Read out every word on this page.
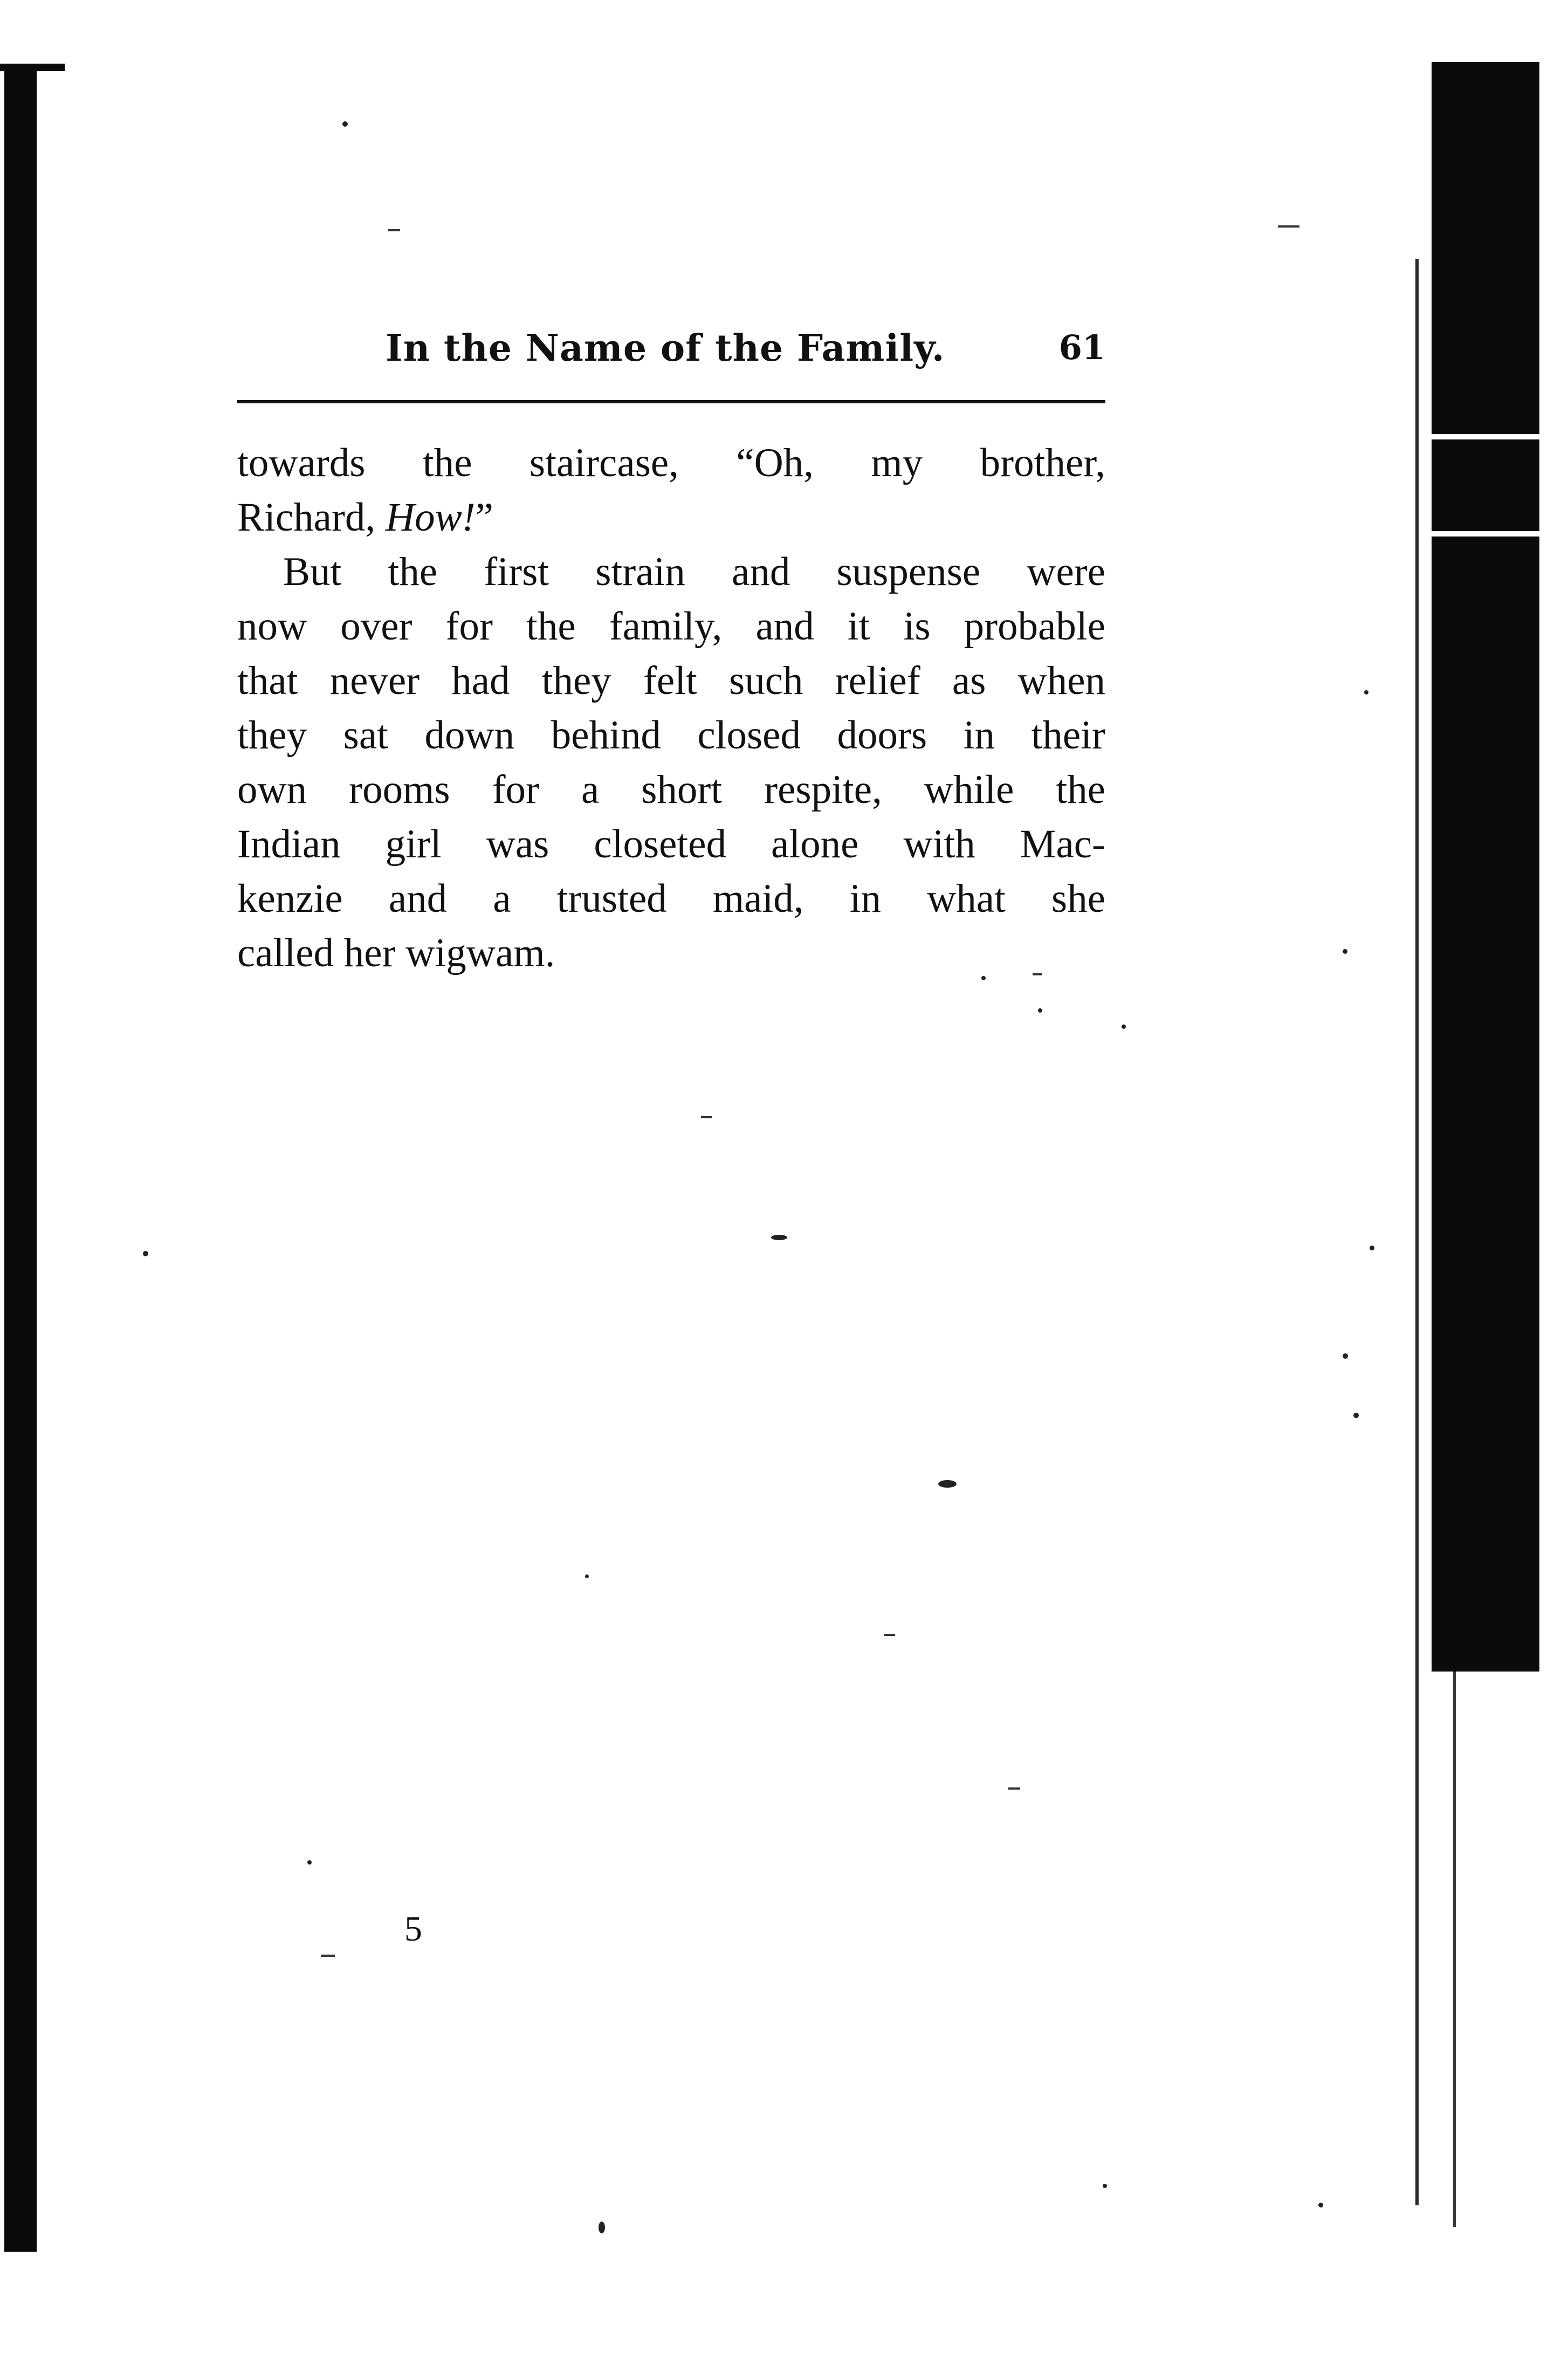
In the Name of the Family.	61
towards the staircase, “Oh, my brother,
Richard, How!”
But the first strain and suspense were
now over for the family, and it is probable
that never had they felt such relief as when
they sat down behind closed doors in their
own rooms for a short respite, while the
Indian girl was closeted alone with Mac-
kenzie and a trusted maid, in what she
called her wigwam.
5
